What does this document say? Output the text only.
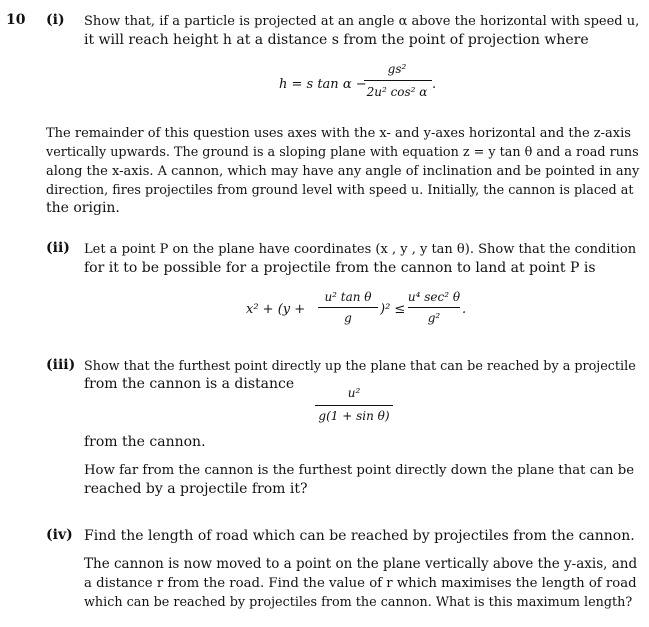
10 (i) Show that, if a particle is projected at an angle α above the horizontal with speed u,
it will reach height h at a distance s from the point of projection where
h = s tan α −
gs²
2u² cos² α .
The remainder of this question uses axes with the x- and y-axes horizontal and the z-axis
vertically upwards. The ground is a sloping plane with equation z = y tan θ and a road runs
along the x-axis. A cannon, which may have any angle of inclination and be pointed in any
direction, fires projectiles from ground level with speed u. Initially, the cannon is placed at
the origin.
(ii) Let a point P on the plane have coordinates (x , y , y tan θ). Show that the condition
for it to be possible for a projectile from the cannon to land at point P is
x² + (y +
u² tan θ
g
)² ≤
u⁴ sec² θ
g²
.
(iii) Show that the furthest point directly up the plane that can be reached by a projectile
from the cannon is a distance
u²
g(1 + sin θ)
from the cannon.
How far from the cannon is the furthest point directly down the plane that can be
reached by a projectile from it?
(iv) Find the length of road which can be reached by projectiles from the cannon.
The cannon is now moved to a point on the plane vertically above the y-axis, and
a distance r from the road. Find the value of r which maximises the length of road
which can be reached by projectiles from the cannon. What is this maximum length?
